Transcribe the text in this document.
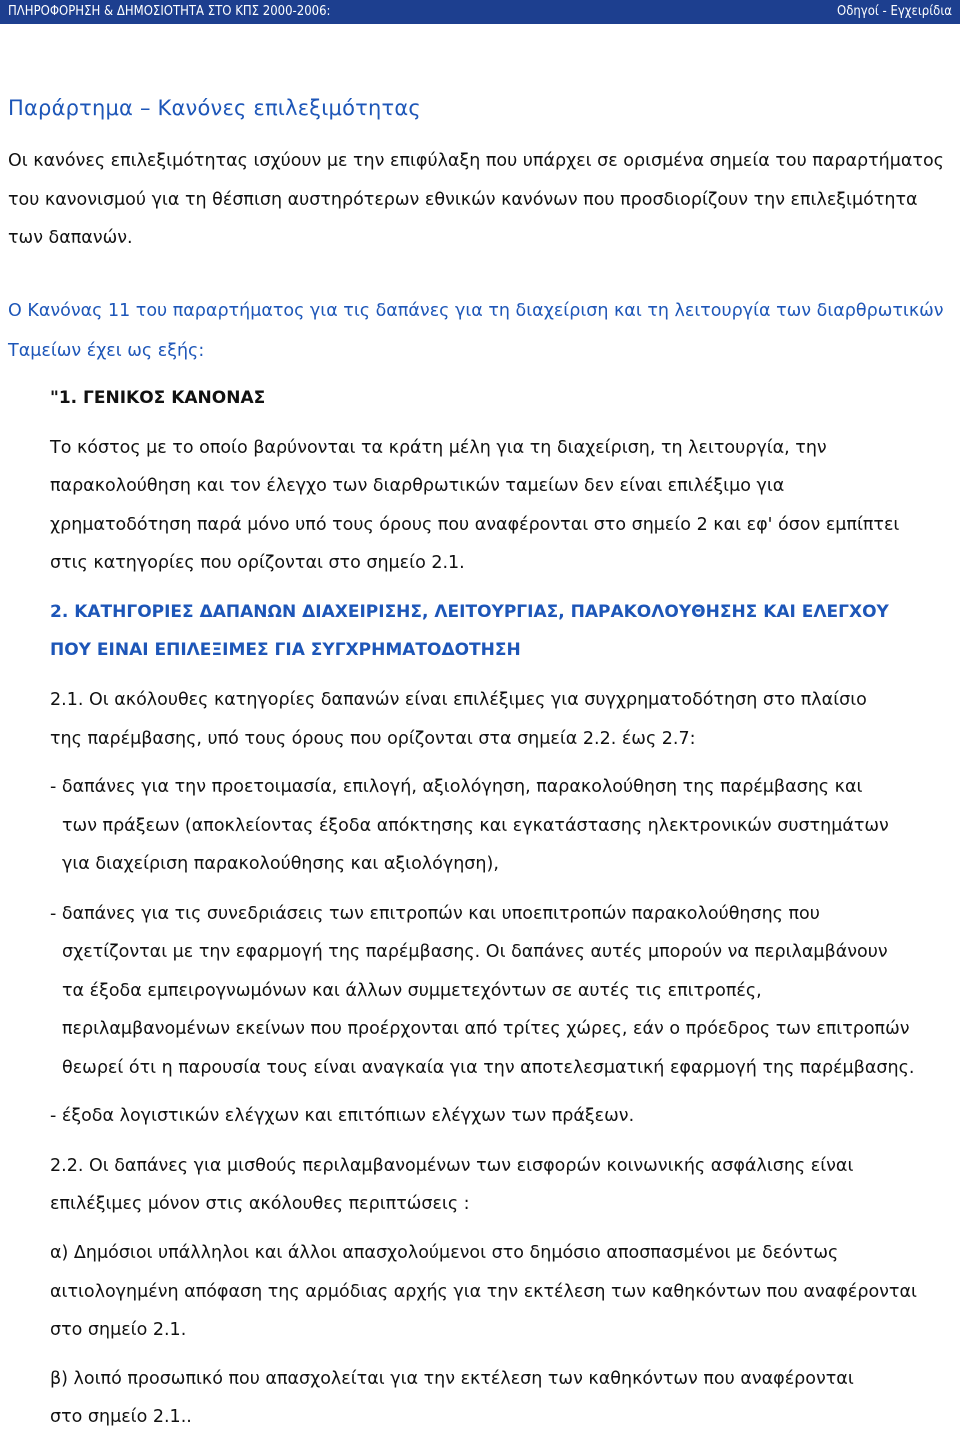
ΠΛΗΡΟΦΟΡΗΣΗ & ΔΗΜΟΣΙΟΤΗΤΑ ΣΤΟ ΚΠΣ 2000-2006:	Οδηγοί - Εγχειρίδια
Παράρτημα – Κανόνες επιλεξιμότητας
Οι κανόνες επιλεξιμότητας ισχύουν με την επιφύλαξη που υπάρχει σε ορισμένα σημεία του παραρτήματος
του κανονισμού για τη θέσπιση αυστηρότερων εθνικών κανόνων που προσδιορίζουν την επιλεξιμότητα
των δαπανών.
Ο Κανόνας 11 του παραρτήματος για τις δαπάνες για τη διαχείριση και τη λειτουργία των διαρθρωτικών
Ταμείων έχει ως εξής:
"1. ΓΕΝΙΚΟΣ ΚΑΝΟΝΑΣ
Το κόστος με το οποίο βαρύνονται τα κράτη μέλη για τη διαχείριση, τη λειτουργία, την
παρακολούθηση και τον έλεγχο των διαρθρωτικών ταμείων δεν είναι επιλέξιμο για
χρηματοδότηση παρά μόνο υπό τους όρους που αναφέρονται στο σημείο 2 και εφ' όσον εμπίπτει
στις κατηγορίες που ορίζονται στο σημείο 2.1.
2. ΚΑΤΗΓΟΡΙΕΣ ΔΑΠΑΝΩΝ ΔΙΑΧΕΙΡΙΣΗΣ, ΛΕΙΤΟΥΡΓΙΑΣ, ΠΑΡΑΚΟΛΟΥΘΗΣΗΣ ΚΑΙ ΕΛΕΓΧΟΥ
ΠΟΥ ΕΙΝΑΙ ΕΠΙΛΕΞΙΜΕΣ ΓΙΑ ΣΥΓΧΡΗΜΑΤΟΔΟΤΗΣΗ
2.1. Οι ακόλουθες κατηγορίες δαπανών είναι επιλέξιμες για συγχρηματοδότηση στο πλαίσιο
της παρέμβασης, υπό τους όρους που ορίζονται στα σημεία 2.2. έως 2.7:
- δαπάνες για την προετοιμασία, επιλογή, αξιολόγηση, παρακολούθηση της παρέμβασης και
των πράξεων (αποκλείοντας έξοδα απόκτησης και εγκατάστασης ηλεκτρονικών συστημάτων
για διαχείριση παρακολούθησης και αξιολόγηση),
- δαπάνες για τις συνεδριάσεις των επιτροπών και υποεπιτροπών παρακολούθησης που
σχετίζονται με την εφαρμογή της παρέμβασης. Οι δαπάνες αυτές μπορούν να περιλαμβάνουν
τα έξοδα εμπειρογνωμόνων και άλλων συμμετεχόντων σε αυτές τις επιτροπές,
περιλαμβανομένων εκείνων που προέρχονται από τρίτες χώρες, εάν ο πρόεδρος των επιτροπών
θεωρεί ότι η παρουσία τους είναι αναγκαία για την αποτελεσματική εφαρμογή της παρέμβασης.
- έξοδα λογιστικών ελέγχων και επιτόπιων ελέγχων των πράξεων.
2.2. Οι δαπάνες για μισθούς περιλαμβανομένων των εισφορών κοινωνικής ασφάλισης είναι
επιλέξιμες μόνον στις ακόλουθες περιπτώσεις :
α) Δημόσιοι υπάλληλοι και άλλοι απασχολούμενοι στο δημόσιο αποσπασμένοι με δεόντως
αιτιολογημένη απόφαση της αρμόδιας αρχής για την εκτέλεση των καθηκόντων που αναφέρονται
στο σημείο 2.1.
β) λοιπό προσωπικό που απασχολείται για την εκτέλεση των καθηκόντων που αναφέρονται
στο σημείο 2.1..
